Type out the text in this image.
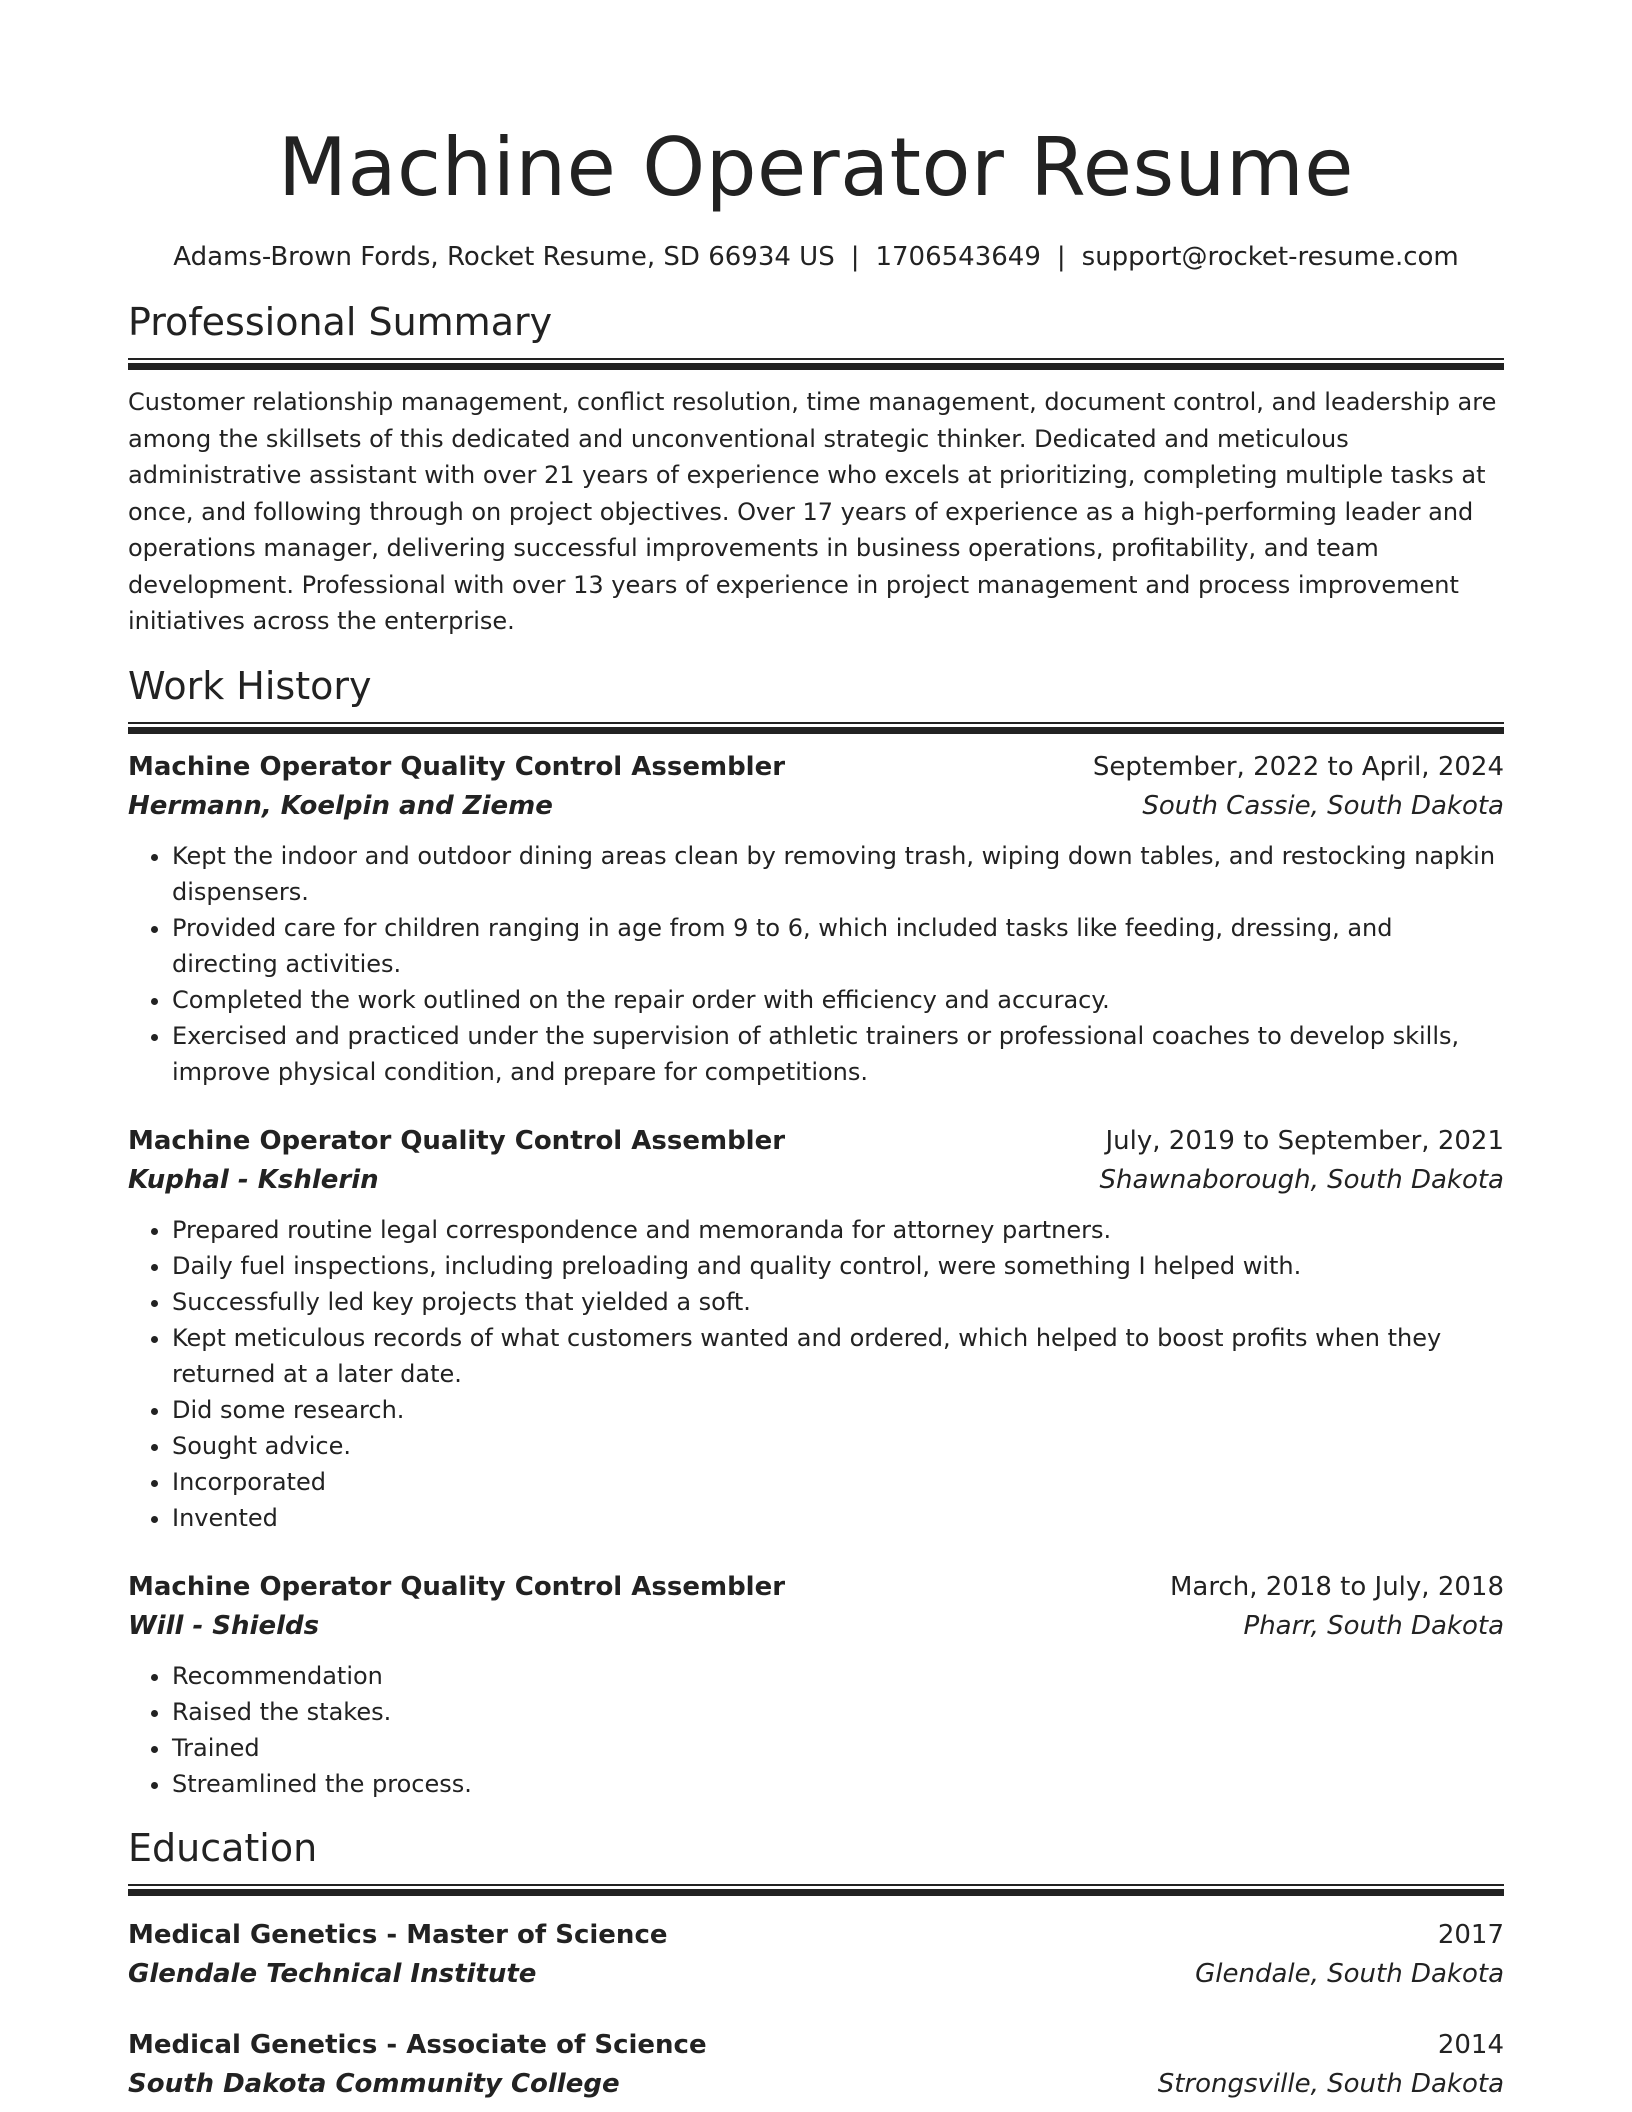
Machine Operator Resume
Adams-Brown Fords, Rocket Resume, SD 66934 US | 1706543649 | support@rocket-resume.com
Professional Summary

Customer relationship management, conflict resolution, time management, document control, and leadership are among the skillsets of this dedicated and unconventional strategic thinker. Dedicated and meticulous administrative assistant with over 21 years of experience who excels at prioritizing, completing multiple tasks at once, and following through on project objectives. Over 17 years of experience as a high-performing leader and operations manager, delivering successful improvements in business operations, profitability, and team development. Professional with over 13 years of experience in project management and process improvement initiatives across the enterprise.

Work History
Machine Operator Quality Control Assembler	September, 2022 to April, 2024
Hermann, Koelpin and Zieme	South Cassie, South Dakota
• Kept the indoor and outdoor dining areas clean by removing trash, wiping down tables, and restocking napkin dispensers.
• Provided care for children ranging in age from 9 to 6, which included tasks like feeding, dressing, and directing activities.
• Completed the work outlined on the repair order with efficiency and accuracy.
• Exercised and practiced under the supervision of athletic trainers or professional coaches to develop skills, improve physical condition, and prepare for competitions.
Machine Operator Quality Control Assembler	July, 2019 to September, 2021
Kuphal - Kshlerin	Shawnaborough, South Dakota
• Prepared routine legal correspondence and memoranda for attorney partners.
• Daily fuel inspections, including preloading and quality control, were something I helped with.
• Successfully led key projects that yielded a soft.
• Kept meticulous records of what customers wanted and ordered, which helped to boost profits when they returned at a later date.
• Did some research.
• Sought advice.
• Incorporated
• Invented
Machine Operator Quality Control Assembler	March, 2018 to July, 2018
Will - Shields	Pharr, South Dakota
• Recommendation
• Raised the stakes.
• Trained
• Streamlined the process.
Education
Medical Genetics - Master of Science	2017
Glendale Technical Institute	Glendale, South Dakota
Medical Genetics - Associate of Science	2014
South Dakota Community College	Strongsville, South Dakota
